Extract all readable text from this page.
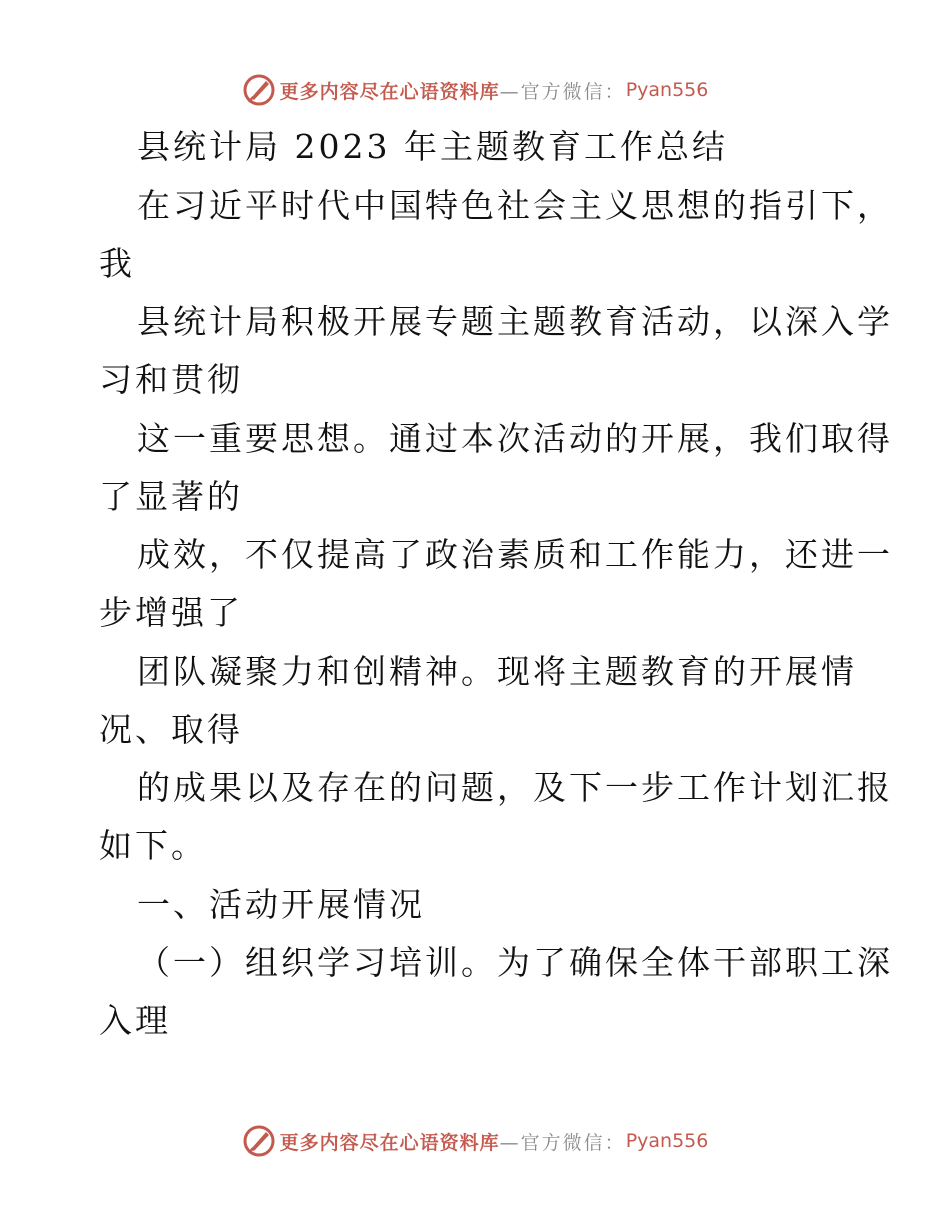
更多内容尽在心语资料库 —官方微信： Pyan556
县统计局 2023 年主题教育工作总结
在习近平时代中国特色社会主义思想的指引下，
我
县统计局积极开展专题主题教育活动，以深入学
习和贯彻
这一重要思想。通过本次活动的开展，我们取得
了显著的
成效，不仅提高了政治素质和工作能力，还进一
步增强了
团队凝聚力和创精神。现将主题教育的开展情
况、取得
的成果以及存在的问题，及下一步工作计划汇报
如下。
一、活动开展情况
（一）组织学习培训。为了确保全体干部职工深
入理
更多内容尽在心语资料库 —官方微信： Pyan556
